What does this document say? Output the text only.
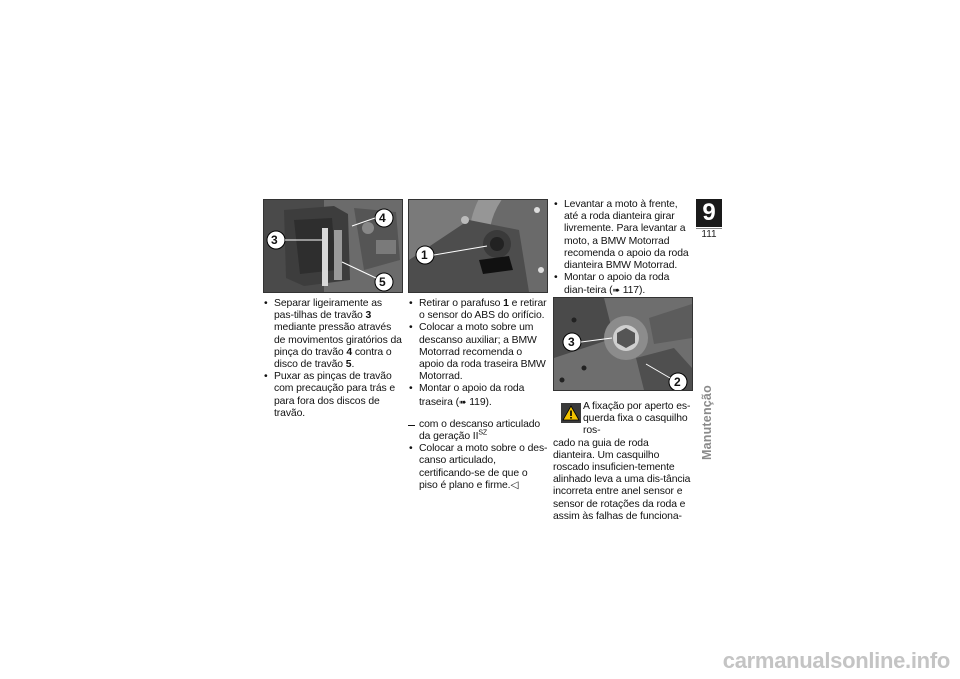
4
3
5
• Separar ligeiramente as pas-tilhas de travão 3 mediante pressão através de movimentos giratórios da pinça do travão 4 contra o disco de travão 5.
• Puxar as pinças de travão com precaução para trás e para fora dos discos de travão.
1
• Retirar o parafuso 1 e retirar o sensor do ABS do orifício.
• Colocar a moto sobre um descanso auxiliar; a BMW Motorrad recomenda o apoio da roda traseira BMW Motorrad.
• Montar o apoio da roda traseira (➠ 119).
com o descanso articulado da geração $II^{SZ}$
• Colocar a moto sobre o des-canso articulado, certificando-se de que o piso é plano e firme.◁
• Levantar a moto à frente, até a roda dianteira girar livremente. Para levantar a moto, a BMW Motorrad recomenda o apoio da roda dianteira BMW Motorrad.
• Montar o apoio da roda dian-teira (➠ 117).
3
2
A fixação por aperto es-querda fixa o casquilho ros-
cado na guia de roda dianteira. Um casquilho roscado insuficien-temente alinhado leva a uma dis-tância incorreta entre anel sensor e sensor de rotações da roda e assim às falhas de funciona-
9
111
Manutenção
carmanualsonline.info
